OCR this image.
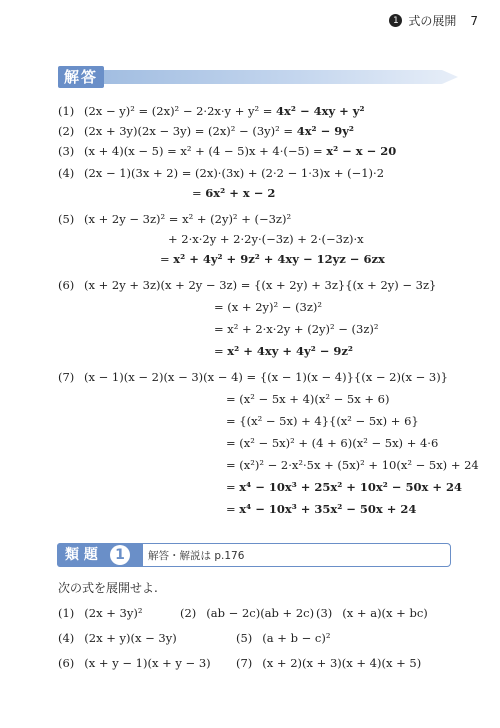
1 式の展開 7
解答
(1) (2x − y)² = (2x)² − 2·2x·y + y² = 4x² − 4xy + y²
(2) (2x + 3y)(2x − 3y) = (2x)² − (3y)² = 4x² − 9y²
(3) (x + 4)(x − 5) = x² + (4 − 5)x + 4·(−5) = x² − x − 20
(4) (2x − 1)(3x + 2) = (2x)·(3x) + (2·2 − 1·3)x + (−1)·2
= 6x² + x − 2
(5) (x + 2y − 3z)² = x² + (2y)² + (−3z)²
+ 2·x·2y + 2·2y·(−3z) + 2·(−3z)·x
= x² + 4y² + 9z² + 4xy − 12yz − 6zx
(6) (x + 2y + 3z)(x + 2y − 3z) = {(x + 2y) + 3z}{(x + 2y) − 3z}
= (x + 2y)² − (3z)²
= x² + 2·x·2y + (2y)² − (3z)²
= x² + 4xy + 4y² − 9z²
(7) (x − 1)(x − 2)(x − 3)(x − 4) = {(x − 1)(x − 4)}{(x − 2)(x − 3)}
= (x² − 5x + 4)(x² − 5x + 6)
= {(x² − 5x) + 4}{(x² − 5x) + 6}
= (x² − 5x)² + (4 + 6)(x² − 5x) + 4·6
= (x²)² − 2·x²·5x + (5x)² + 10(x² − 5x) + 24
= x⁴ − 10x³ + 25x² + 10x² − 50x + 24
= x⁴ − 10x³ + 35x² − 50x + 24
類 題	1	解答・解説は p.176
次の式を展開せよ.
(1) (2x + 3y)²	(2) (ab − 2c)(ab + 2c) (3) (x + a)(x + bc)
(4) (2x + y)(x − 3y)	(5) (a + b − c)²
(6) (x + y − 1)(x + y − 3) (7) (x + 2)(x + 3)(x + 4)(x + 5)
